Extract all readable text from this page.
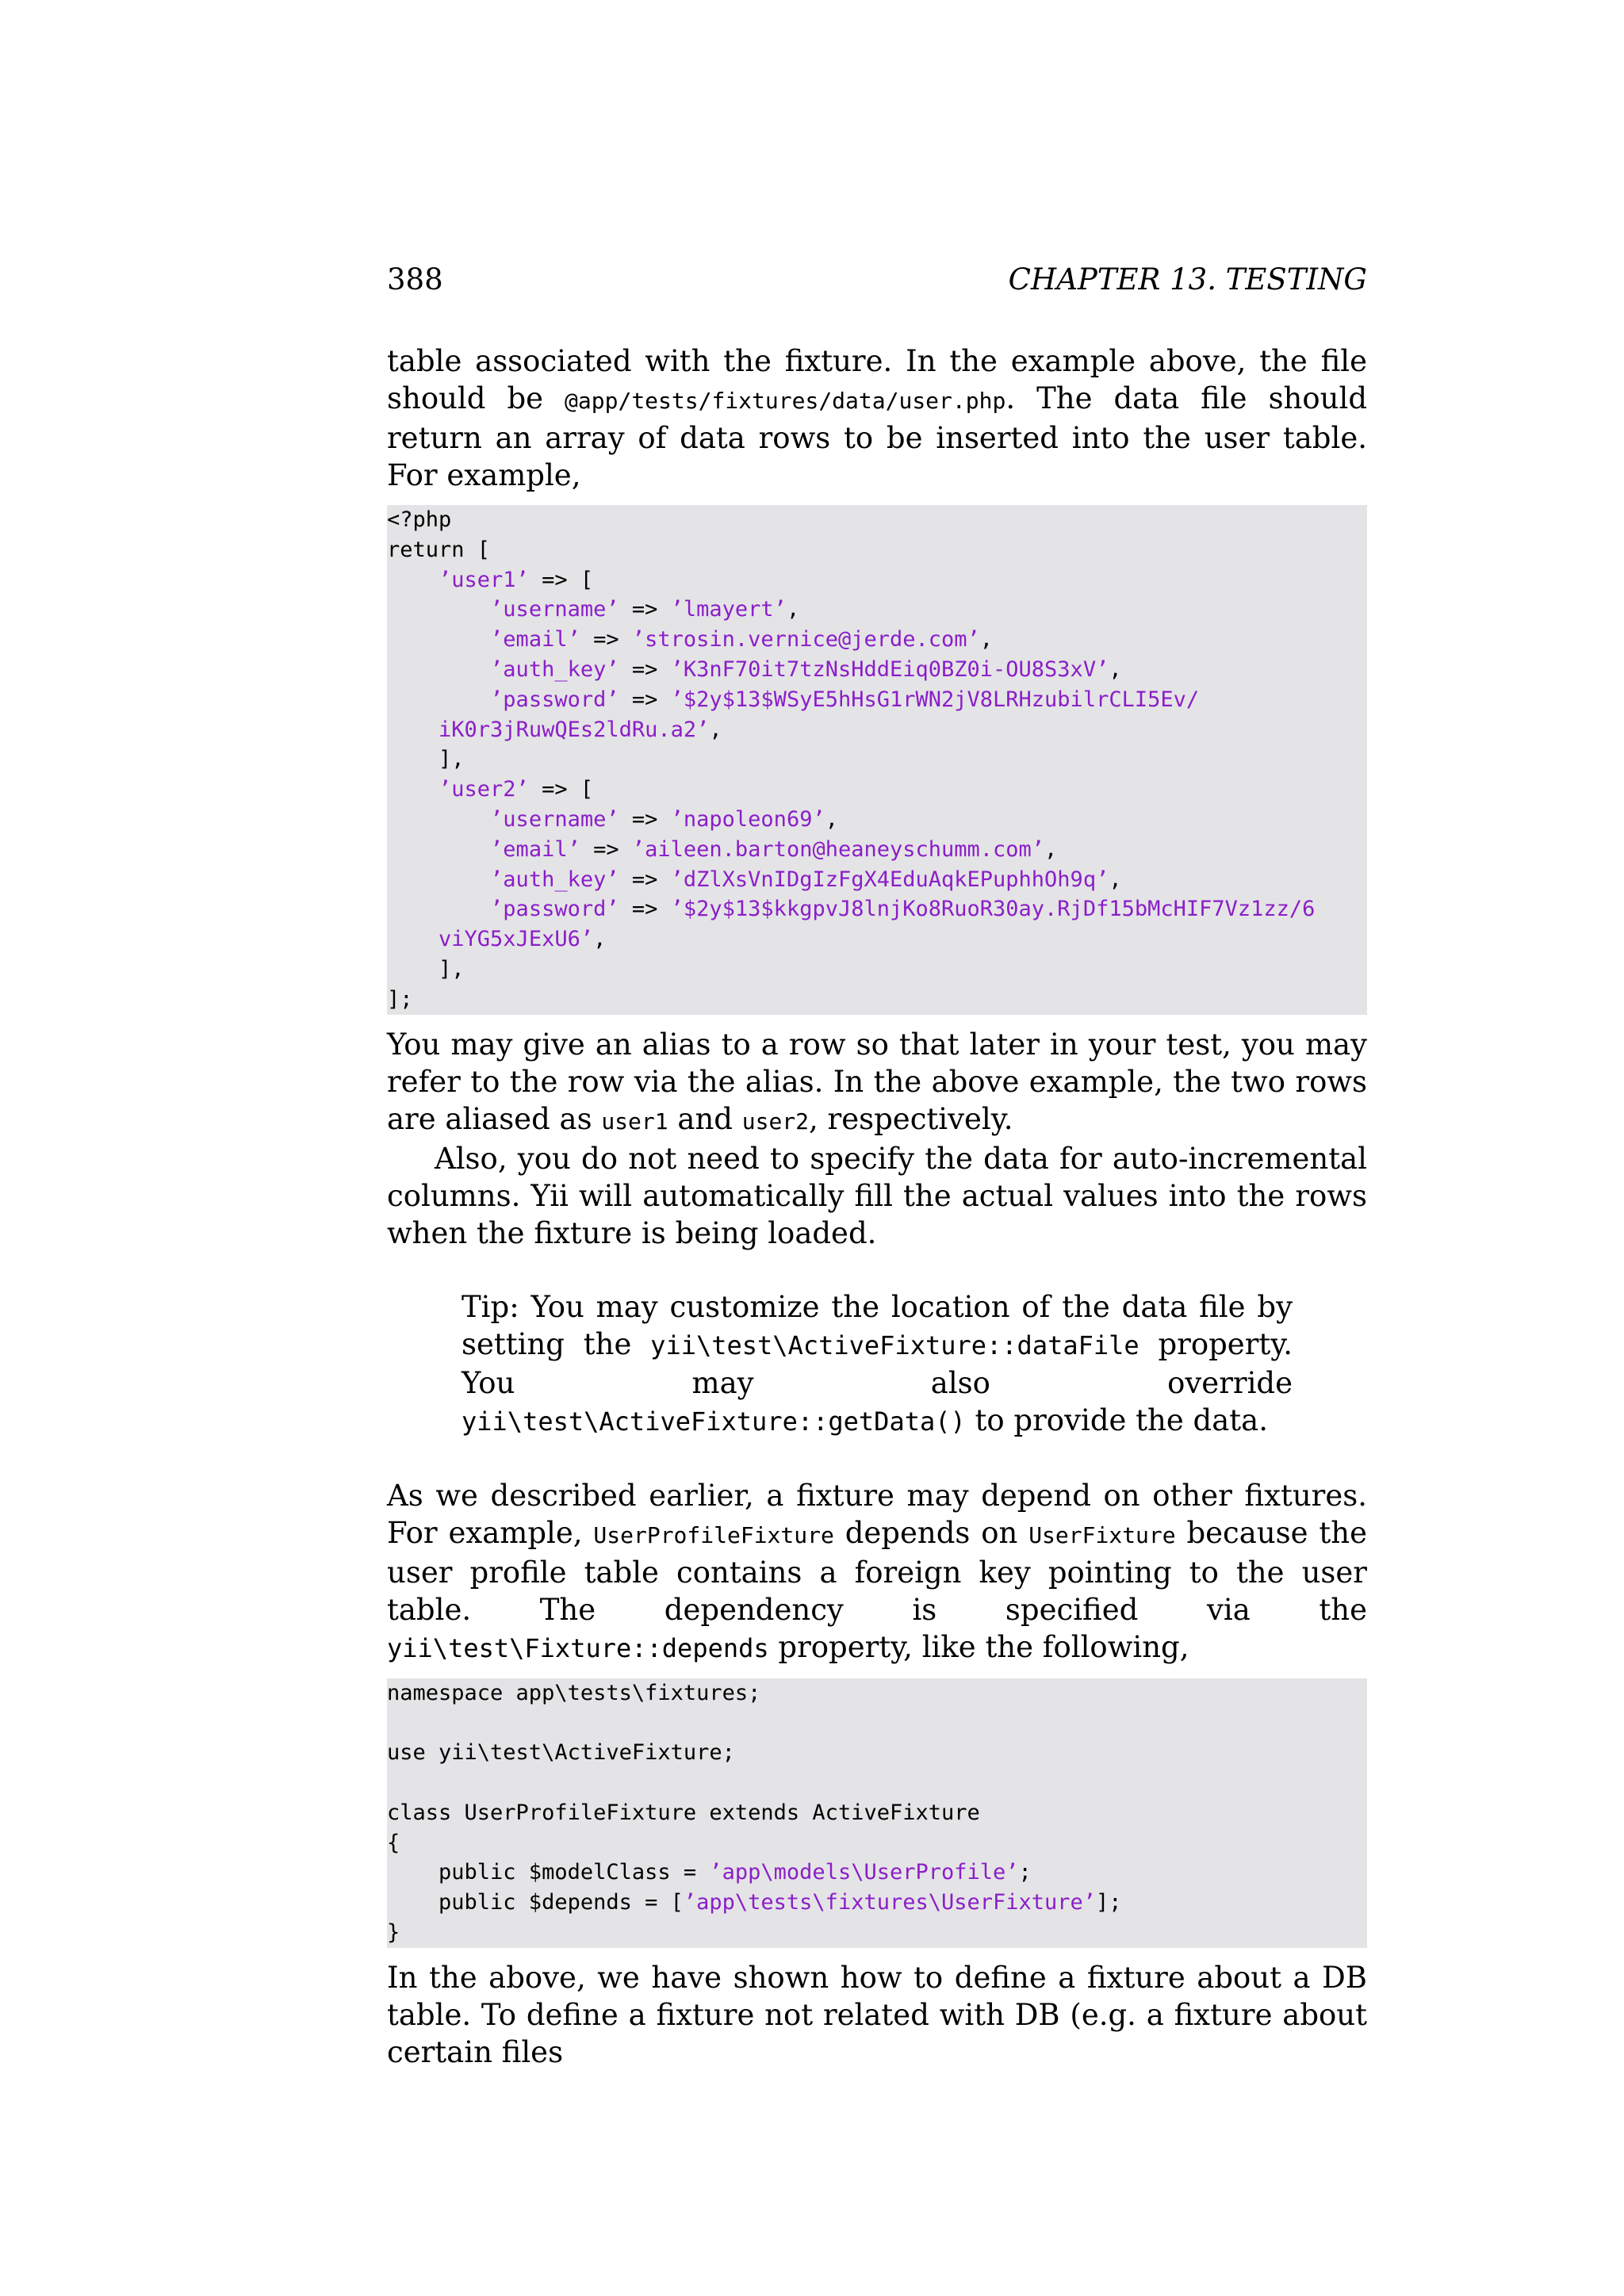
388	CHAPTER 13. TESTING

table associated with the fixture. In the example above, the file should be @app/tests/fixtures/data/user.php. The data file should return an array of data rows to be inserted into the user table. For example,

<?php
return [
’user1’ => [
’username’ => ’lmayert’,
’email’ => ’strosin.vernice@jerde.com’,
’auth_key’ => ’K3nF70it7tzNsHddEiq0BZ0i-OU8S3xV’,
’password’ => ’$2y$13$WSyE5hHsG1rWN2jV8LRHzubilrCLI5Ev/
iK0r3jRuwQEs2ldRu.a2’,
],
’user2’ => [
’username’ => ’napoleon69’,
’email’ => ’aileen.barton@heaneyschumm.com’,
’auth_key’ => ’dZlXsVnIDgIzFgX4EduAqkEPuphhOh9q’,
’password’ => ’$2y$13$kkgpvJ8lnjKo8RuoR30ay.RjDf15bMcHIF7Vz1zz/6
viYG5xJExU6’,
],
];

You may give an alias to a row so that later in your test, you may refer to the row via the alias. In the above example, the two rows are aliased as user1 and user2, respectively.

Also, you do not need to specify the data for auto-incremental columns. Yii will automatically fill the actual values into the rows when the fixture is being loaded.

Tip: You may customize the location of the data file by setting the yii\test\ActiveFixture::dataFile property. You may also override yii\test\ActiveFixture::getData() to provide the data.

As we described earlier, a fixture may depend on other fixtures. For example, UserProfileFixture depends on UserFixture because the user profile table contains a foreign key pointing to the user table. The dependency is specified via the yii\test\Fixture::depends property, like the following,

namespace app\tests\fixtures;
use yii\test\ActiveFixture;
class UserProfileFixture extends ActiveFixture
{
public $modelClass = ’app\models\UserProfile’;
public $depends = [’app\tests\fixtures\UserFixture’];
}

In the above, we have shown how to define a fixture about a DB table. To define a fixture not related with DB (e.g. a fixture about certain files
